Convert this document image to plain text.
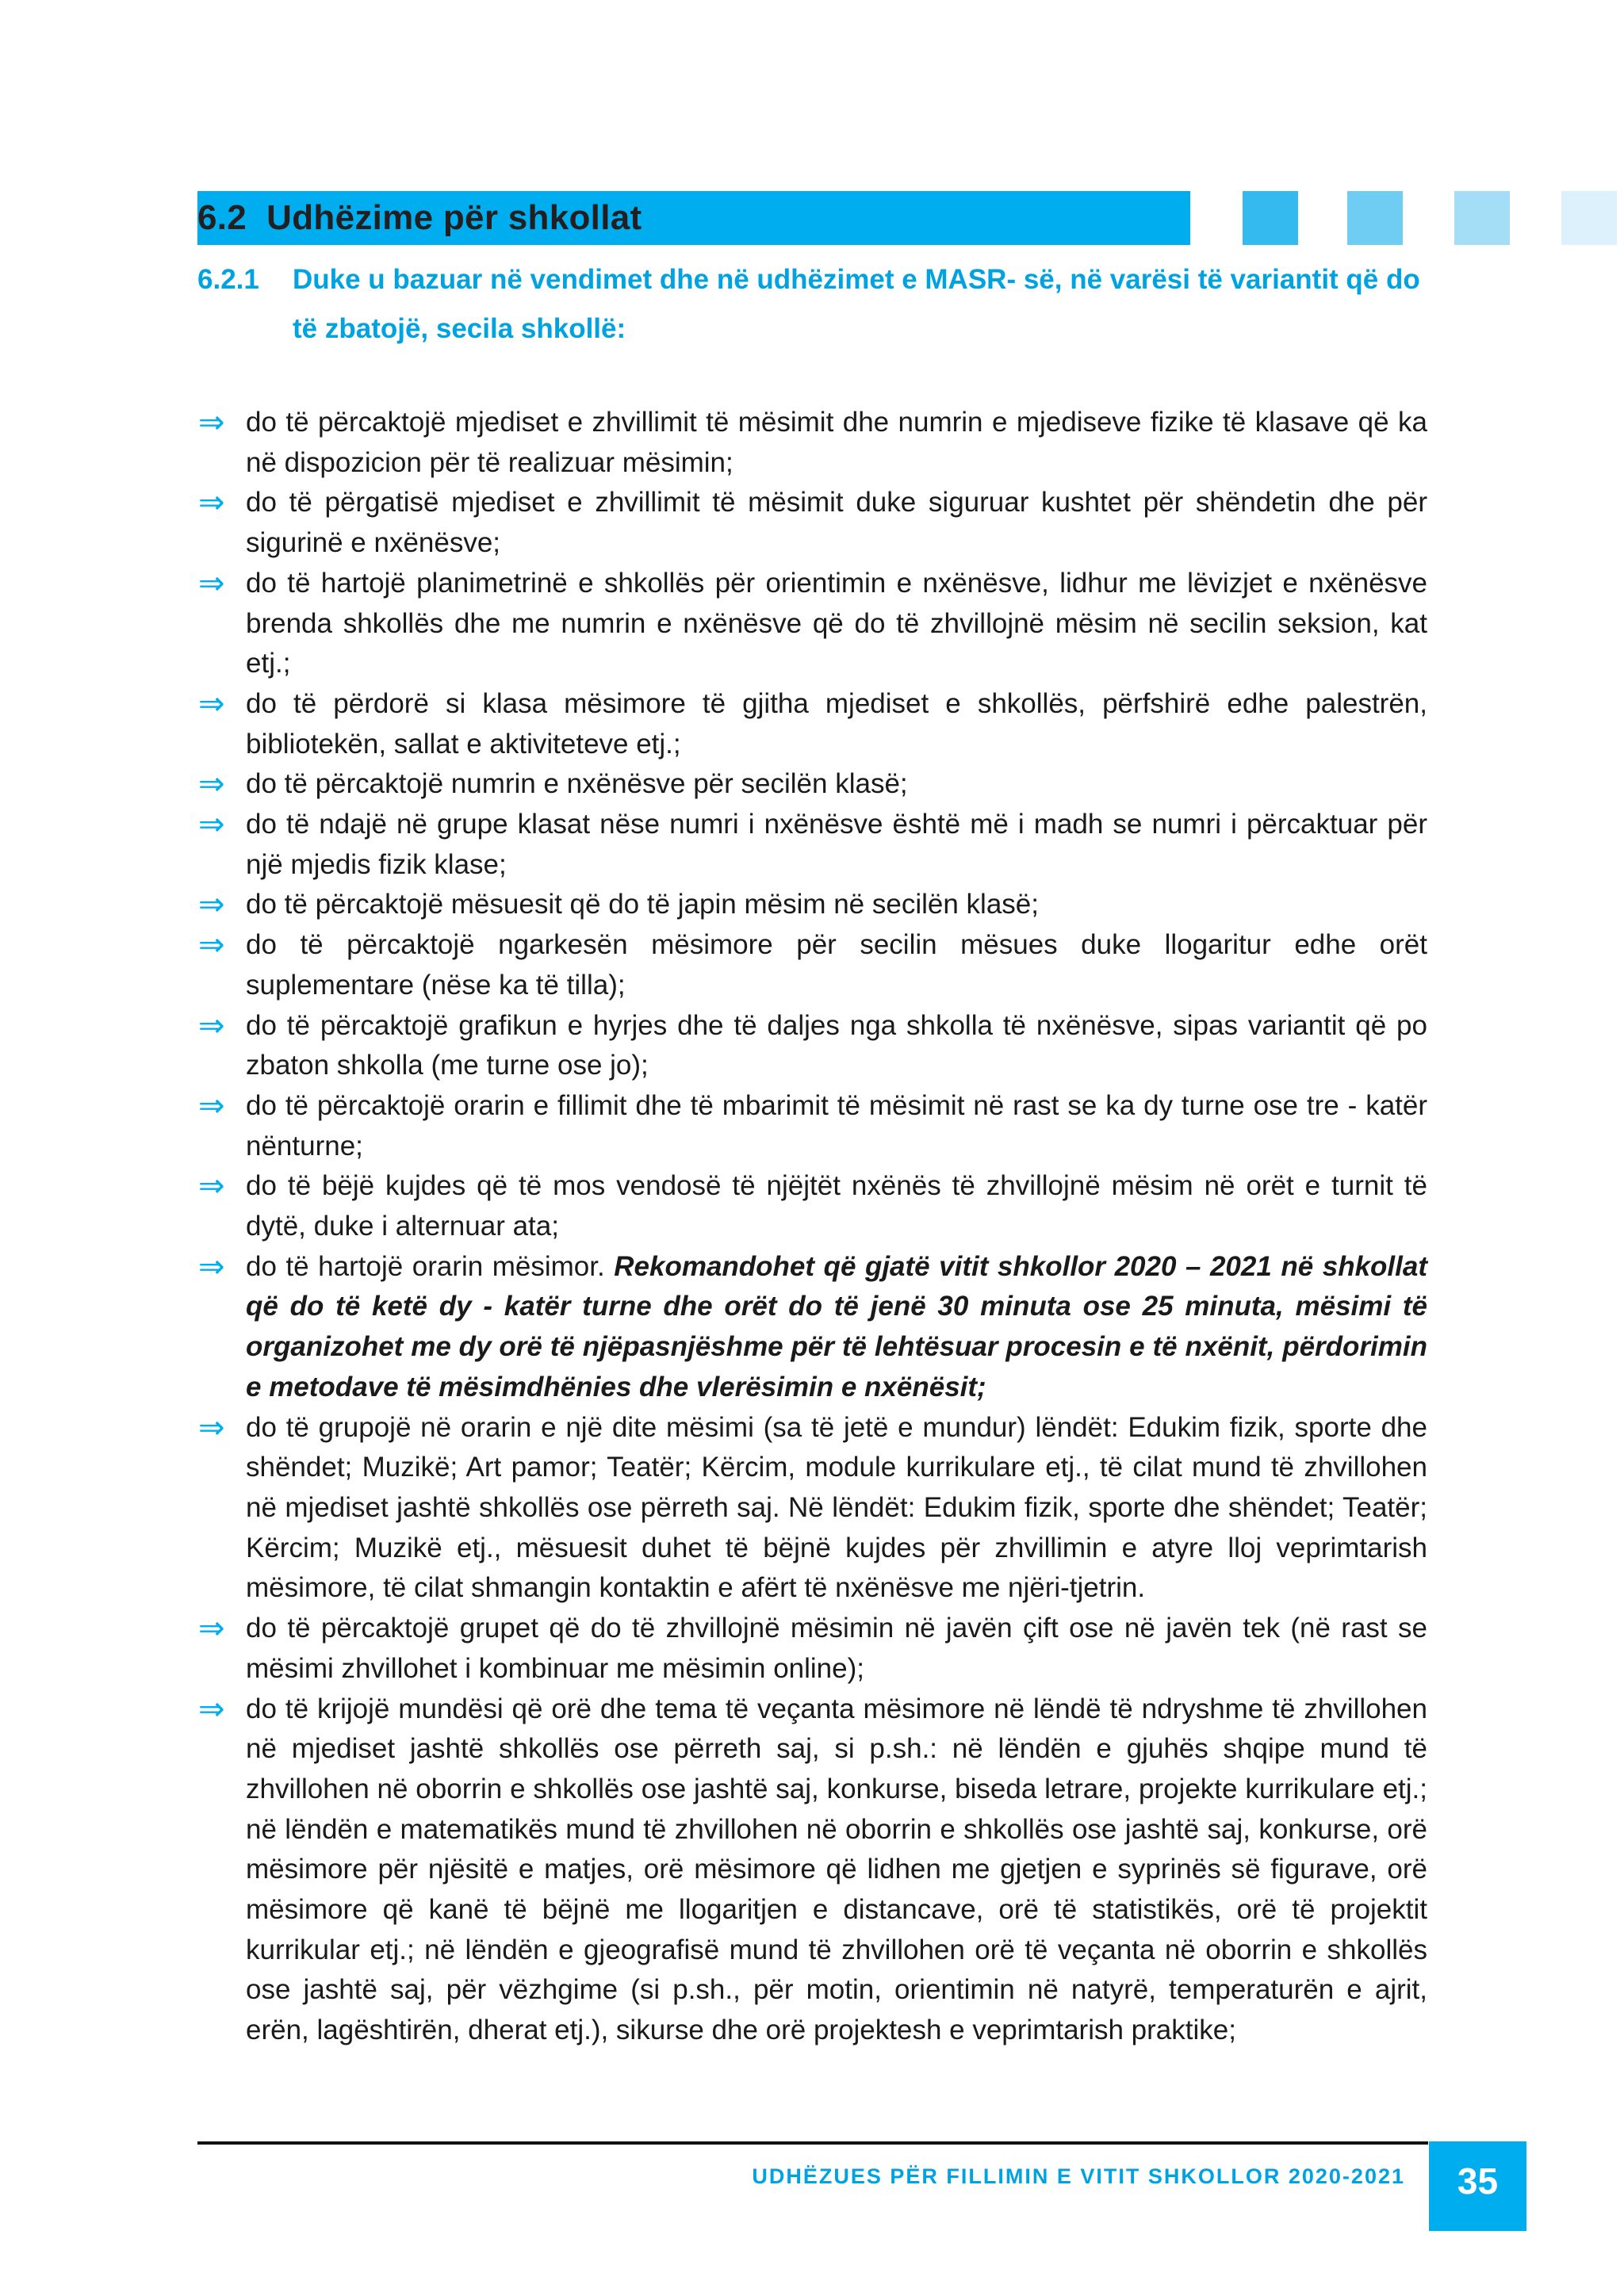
6.2 Udhëzime për shkollat
6.2.1 Duke u bazuar në vendimet dhe në udhëzimet e MASR- së, në varësi të variantit që do të zbatojë, secila shkollë:
⇒ do të përcaktojë mjediset e zhvillimit të mësimit dhe numrin e mjediseve fizike të klasave që ka në dispozicion për të realizuar mësimin;
⇒ do të përgatisë mjediset e zhvillimit të mësimit duke siguruar kushtet për shëndetin dhe për sigurinë e nxënësve;
⇒ do të hartojë planimetrinë e shkollës për orientimin e nxënësve, lidhur me lëvizjet e nxënësve brenda shkollës dhe me numrin e nxënësve që do të zhvillojnë mësim në secilin seksion, kat etj.;
⇒ do të përdorë si klasa mësimore të gjitha mjediset e shkollës, përfshirë edhe palestrën, bibliotekën, sallat e aktiviteteve etj.;
⇒ do të përcaktojë numrin e nxënësve për secilën klasë;
⇒ do të ndajë në grupe klasat nëse numri i nxënësve është më i madh se numri i përcaktuar për një mjedis fizik klase;
⇒ do të përcaktojë mësuesit që do të japin mësim në secilën klasë;
⇒ do të përcaktojë ngarkesën mësimore për secilin mësues duke llogaritur edhe orët suplementare (nëse ka të tilla);
⇒ do të përcaktojë grafikun e hyrjes dhe të daljes nga shkolla të nxënësve, sipas variantit që po zbaton shkolla (me turne ose jo);
⇒ do të përcaktojë orarin e fillimit dhe të mbarimit të mësimit në rast se ka dy turne ose tre - katër nënturne;
⇒ do të bëjë kujdes që të mos vendosë të njëjtët nxënës të zhvillojnë mësim në orët e turnit të dytë, duke i alternuar ata;
⇒ do të hartojë orarin mësimor. Rekomandohet që gjatë vitit shkollor 2020 – 2021 në shkollat që do të ketë dy - katër turne dhe orët do të jenë 30 minuta ose 25 minuta, mësimi të organizohet me dy orë të njëpasnjëshme për të lehtësuar procesin e të nxënit, përdorimin e metodave të mësimdhënies dhe vlerësimin e nxënësit;
⇒ do të grupojë në orarin e një dite mësimi (sa të jetë e mundur) lëndët: Edukim fizik, sporte dhe shëndet; Muzikë; Art pamor; Teatër; Kërcim, module kurrikulare etj., të cilat mund të zhvillohen në mjediset jashtë shkollës ose përreth saj. Në lëndët: Edukim fizik, sporte dhe shëndet; Teatër; Kërcim; Muzikë etj., mësuesit duhet të bëjnë kujdes për zhvillimin e atyre lloj veprimtarish mësimore, të cilat shmangin kontaktin e afërt të nxënësve me njëri-tjetrin.
⇒ do të përcaktojë grupet që do të zhvillojnë mësimin në javën çift ose në javën tek (në rast se mësimi zhvillohet i kombinuar me mësimin online);
⇒ do të krijojë mundësi që orë dhe tema të veçanta mësimore në lëndë të ndryshme të zhvillohen në mjediset jashtë shkollës ose përreth saj, si p.sh.: në lëndën e gjuhës shqipe mund të zhvillohen në oborrin e shkollës ose jashtë saj, konkurse, biseda letrare, projekte kurrikulare etj.; në lëndën e matematikës mund të zhvillohen në oborrin e shkollës ose jashtë saj, konkurse, orë mësimore për njësitë e matjes, orë mësimore që lidhen me gjetjen e syprinës së figurave, orë mësimore që kanë të bëjnë me llogaritjen e distancave, orë të statistikës, orë të projektit kurrikular etj.; në lëndën e gjeografisë mund të zhvillohen orë të veçanta në oborrin e shkollës ose jashtë saj, për vëzhgime (si p.sh., për motin, orientimin në natyrë, temperaturën e ajrit, erën, lagështirën, dherat etj.), sikurse dhe orë projektesh e veprimtarish praktike;
UDHËZUES PËR FILLIMIN E VITIT SHKOLLOR 2020-2021	35
